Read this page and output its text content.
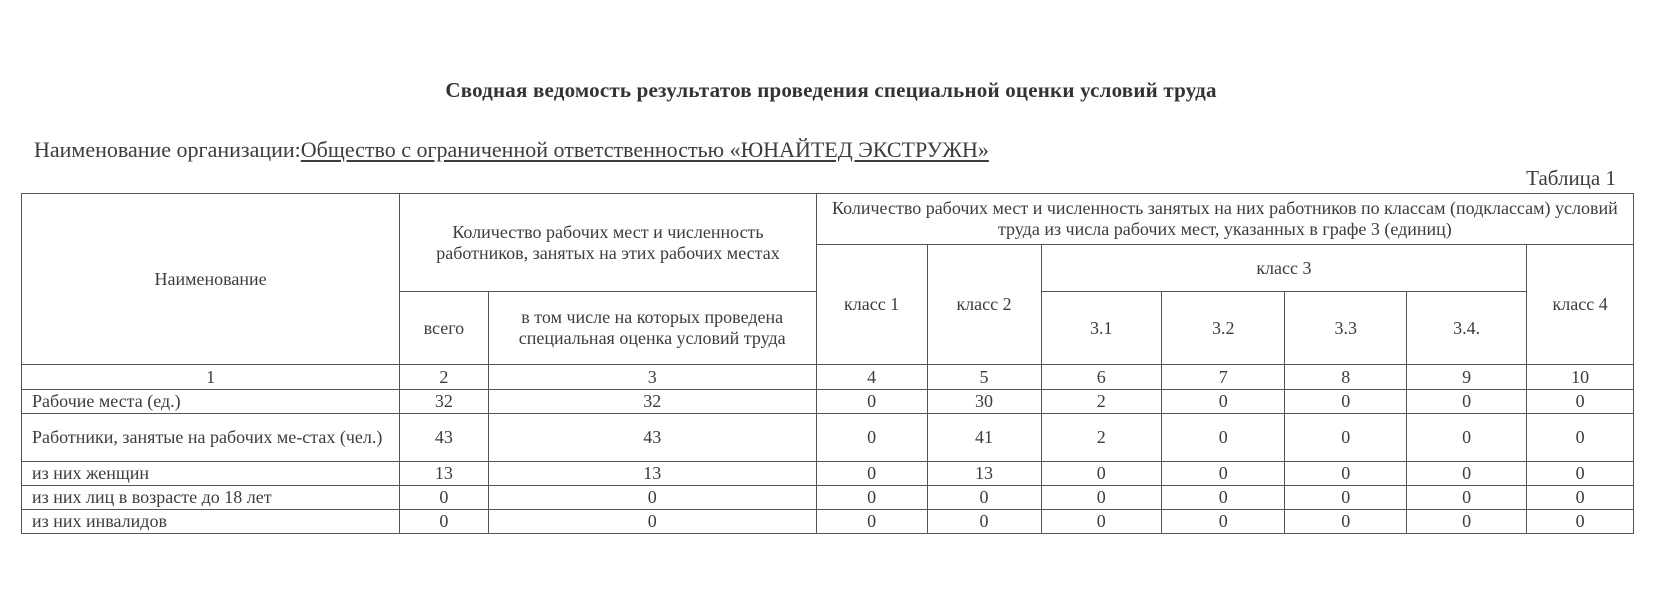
Сводная ведомость результатов проведения специальной оценки условий труда
Наименование организации:Общество с ограниченной ответственностью «ЮНАЙТЕД ЭКСТРУЖН»
Таблица 1
Наименование	Количество рабочих мест и численность работников, занятых на этих рабочих местах		Количество рабочих мест и численность занятых на них работников по классам (подклассам) условий труда из числа рабочих мест, указанных в графе 3 (единиц)						
			класс 1	класс 2	класс 3				класс 4
	всего	в том числе на которых проведена специальная оценка условий труда			3.1	3.2	3.3	3.4.	
1	2	3	4	5	6	7	8	9	10
Рабочие места (ед.)	32	32	0	30	2	0	0	0	0
Работники, занятые на рабочих ме-стах (чел.)	43	43	0	41	2	0	0	0	0
из них женщин	13	13	0	13	0	0	0	0	0
из них лиц в возрасте до 18 лет	0	0	0	0	0	0	0	0	0
из них инвалидов	0	0	0	0	0	0	0	0	0
